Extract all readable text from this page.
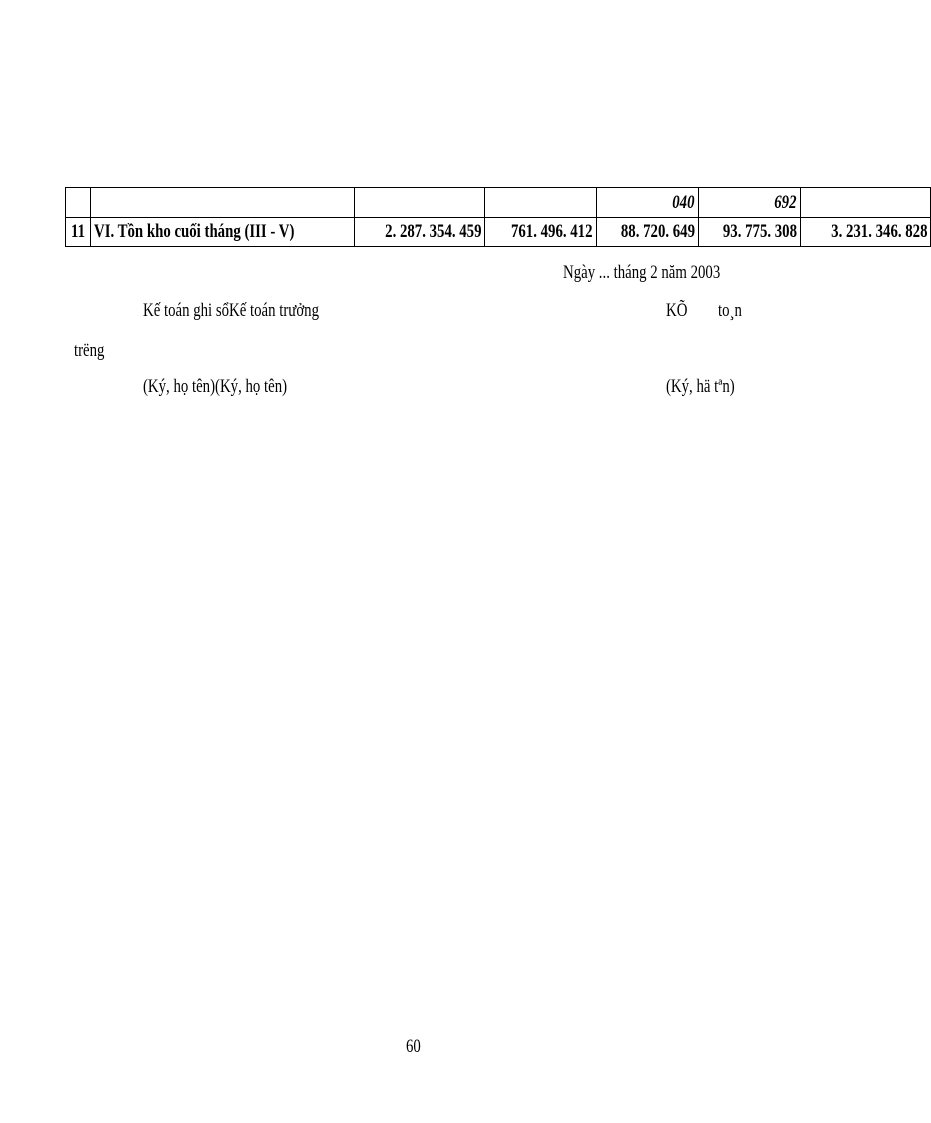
				040	692	
11	VI. Tồn kho cuối tháng (III - V)	2. 287. 354. 459	761. 496. 412	88. 720. 649	93. 775. 308	3. 231. 346. 828
Ngày ... tháng 2 năm 2003
Kế toán ghi sổKế toán trưởng	KÕ	to¸n
trëng
(Ký, họ tên)(Ký, họ tên)	(Ký, hä tªn)
60
